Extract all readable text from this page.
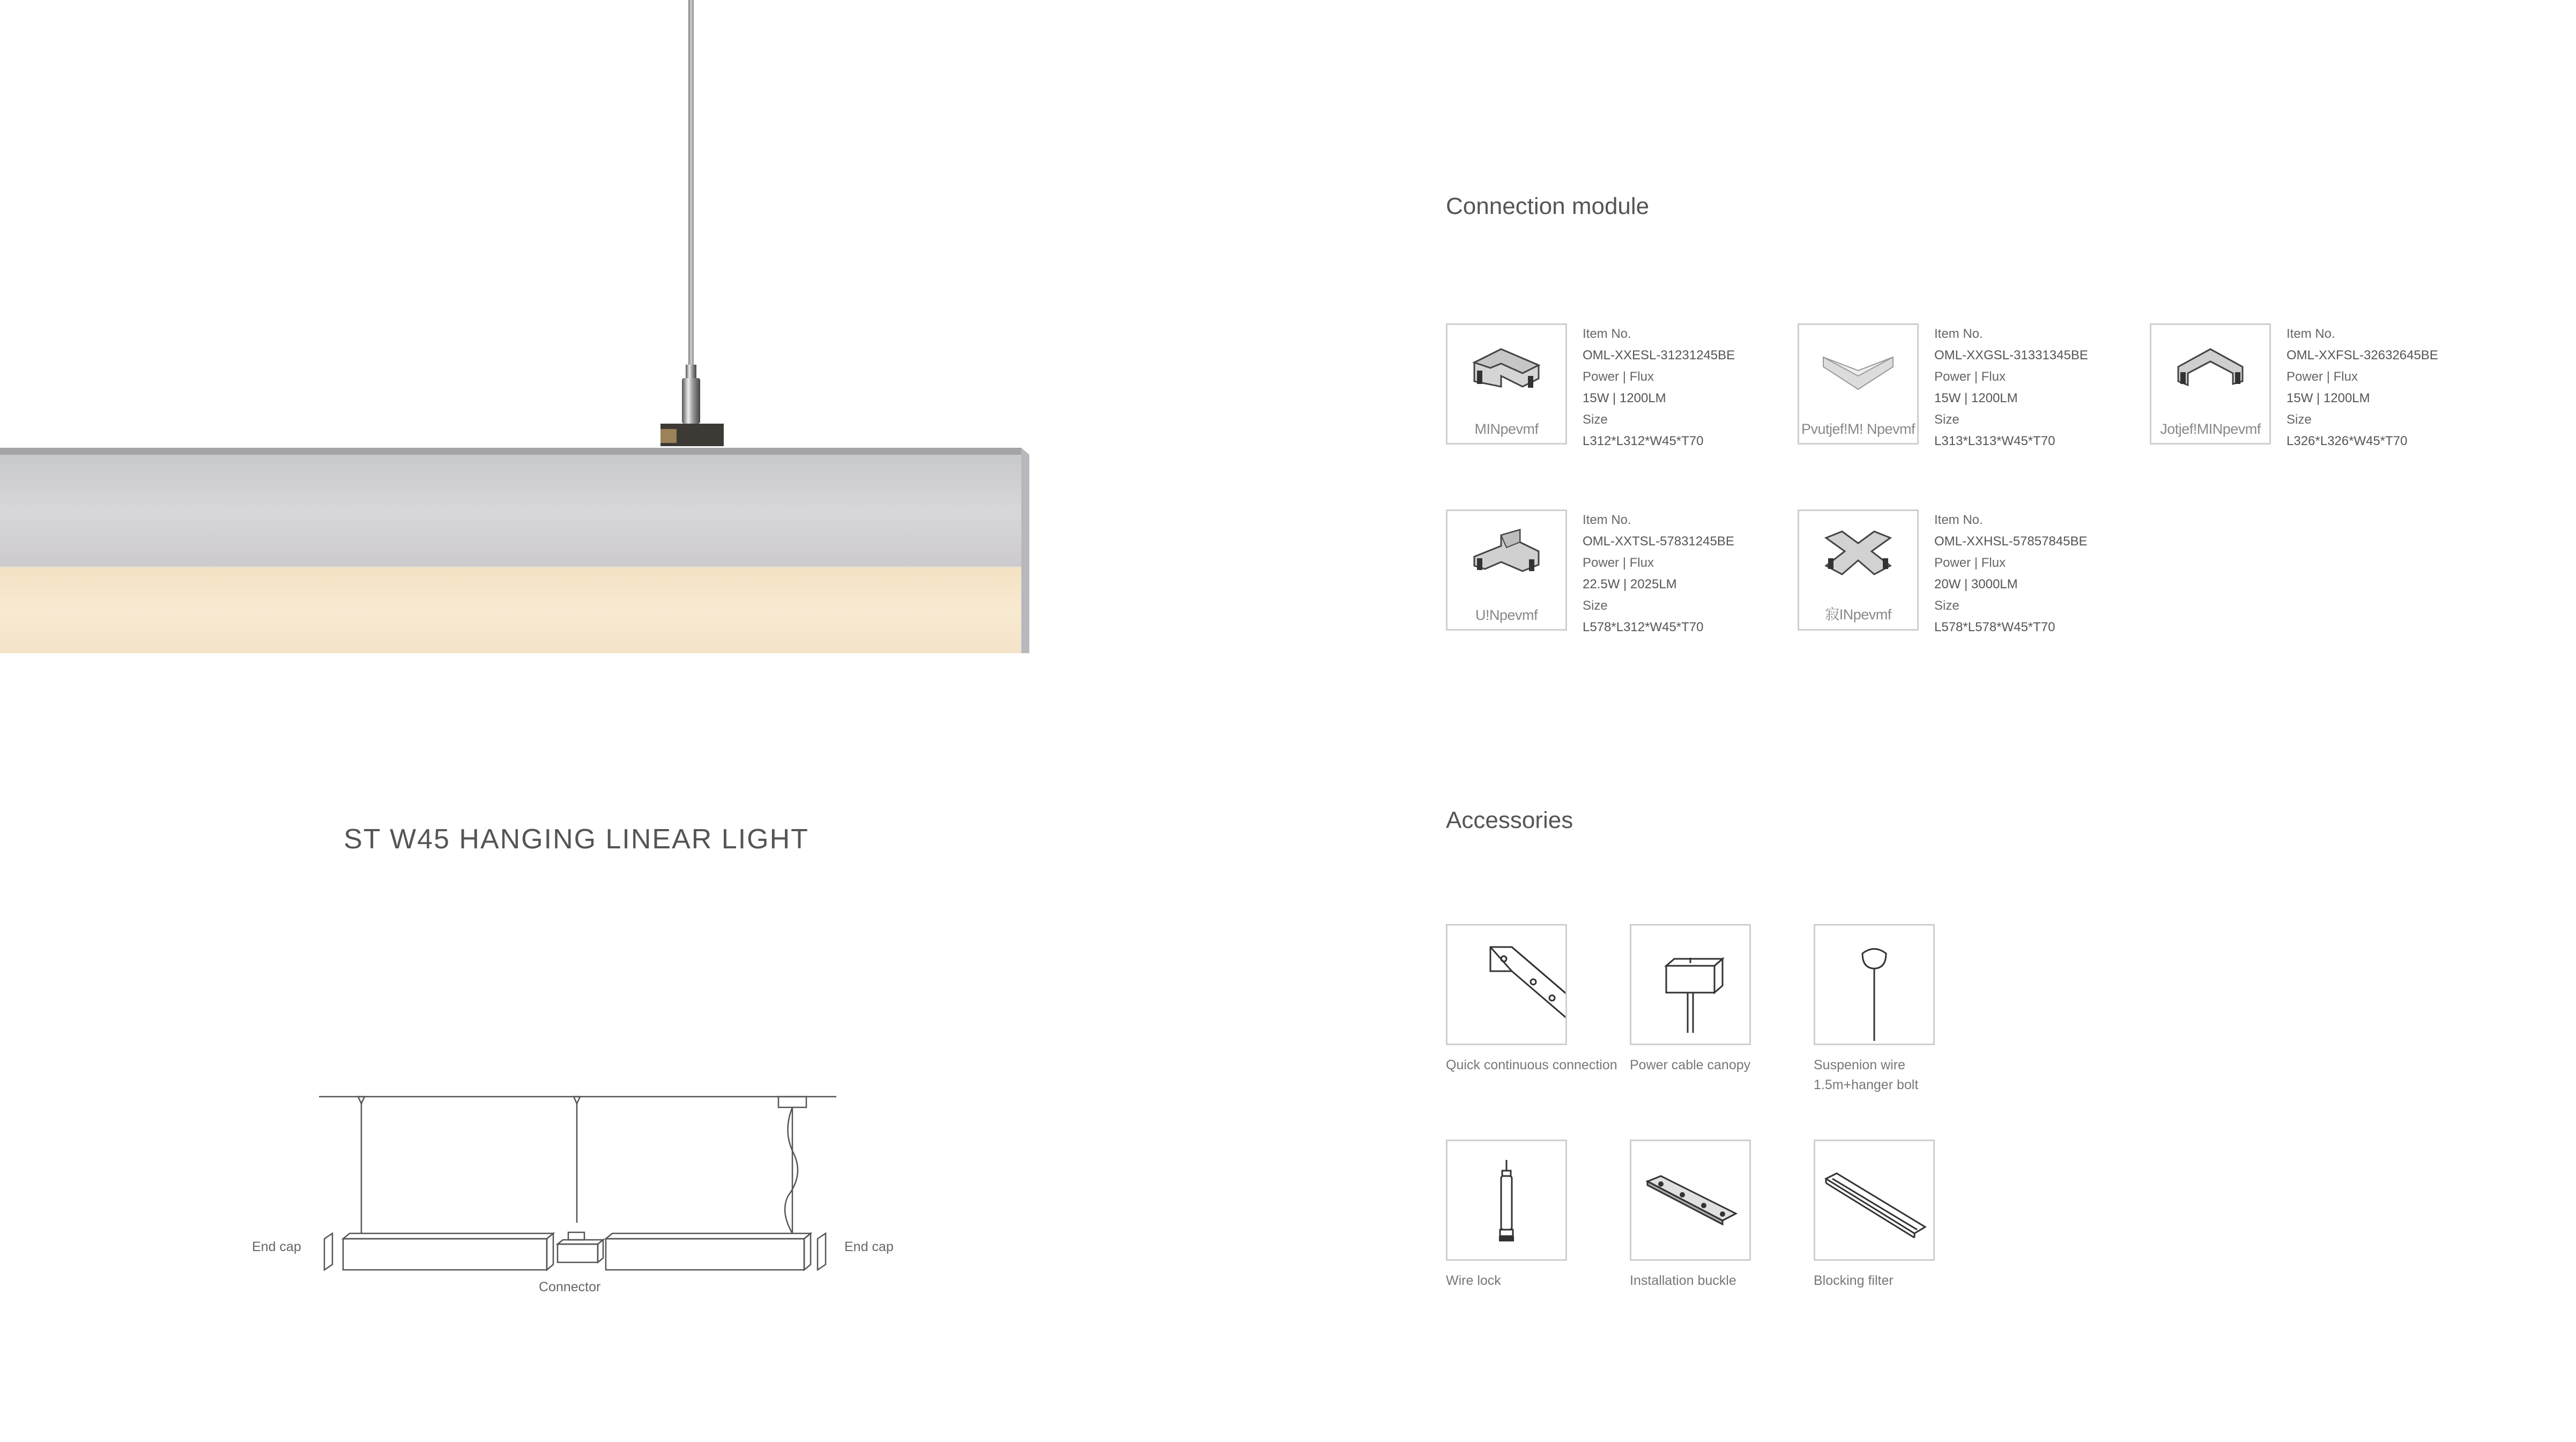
ST W45 HANGING LINEAR LIGHT
End cap	End cap
Connector
Connection module
MINpevmf
Item No.
OML-XXESL-31231245BE
Power | Flux
15W | 1200LM
Size
L312*L312*W45*T70
Pvutjef!M! Npevmf
Item No.
OML-XXGSL-31331345BE
Power | Flux
15W | 1200LM
Size
L313*L313*W45*T70
Jotjef!MINpevmf
Item No.
OML-XXFSL-32632645BE
Power | Flux
15W | 1200LM
Size
L326*L326*W45*T70
U!Npevmf
Item No.
OML-XXTSL-57831245BE
Power | Flux
22.5W | 2025LM
Size
L578*L312*W45*T70
寂INpevmf
Item No.
OML-XXHSL-57857845BE
Power | Flux
20W | 3000LM
Size
L578*L578*W45*T70
Accessories
Quick continuous connection Power cable canopy	Suspenion wire 1.5m+hanger bolt
Wire lock	Installation buckle	Blocking filter
